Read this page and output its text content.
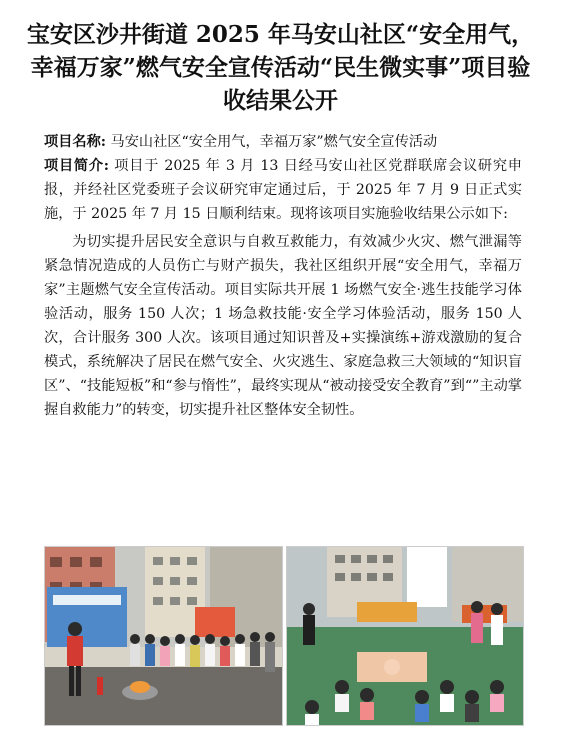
宝安区沙井街道 2025 年马安山社区“安全用气，幸福万家”燃气安全宣传活动“民生微实事”项目验收结果公开

项目名称: 马安山社区“安全用气，幸福万家”燃气安全宣传活动

项目简介: 项目于 2025 年 3 月 13 日经马安山社区党群联席会议研究申报，并经社区党委班子会议研究审定通过后，于 2025 年 7 月 9 日正式实施，于 2025 年 7 月 15 日顺利结束。现将该项目实施验收结果公示如下:

为切实提升居民安全意识与自救互救能力，有效减少火灾、燃气泄漏等紧急情况造成的人员伤亡与财产损失，我社区组织开展“安全用气，幸福万家”主题燃气安全宣传活动。项目实际共开展 1 场燃气安全·逃生技能学习体验活动，服务 150 人次；1 场急救技能·安全学习体验活动，服务 150 人次，合计服务 300 人次。该项目通过知识普及+实操演练+游戏激励的复合模式，系统解决了居民在燃气安全、火灾逃生、家庭急救三大领域的“知识盲区”、“技能短板”和“参与惰性”，最终实现从“被动接受安全教育”到“”主动掌握自救能力”的转变，切实提升社区整体安全韧性。
